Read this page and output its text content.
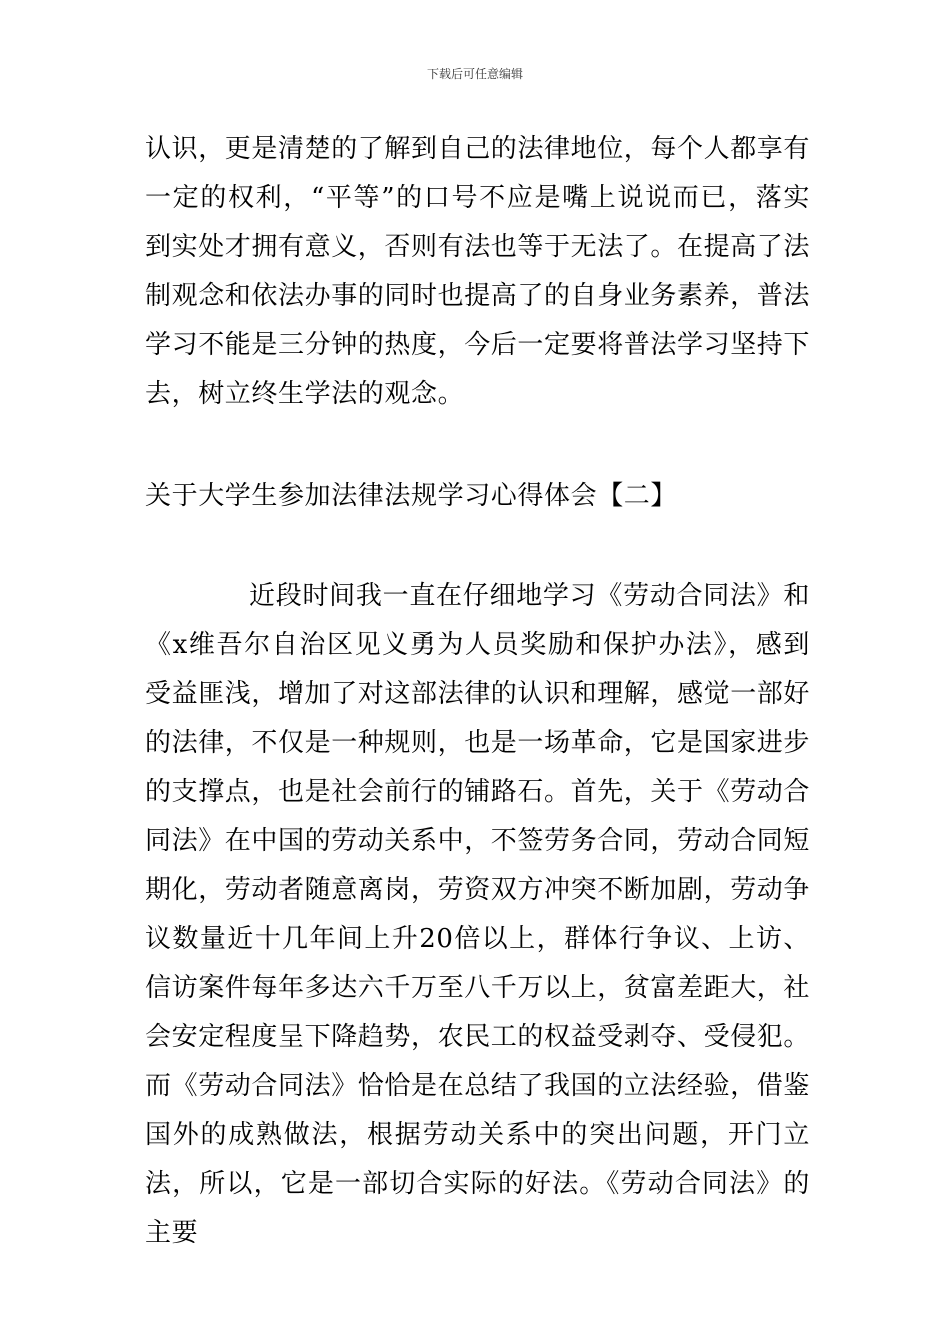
下载后可任意编辑

认识，更是清楚的了解到自己的法律地位，每个人都享有一定的权利，“平等”的口号不应是嘴上说说而已，落实到实处才拥有意义，否则有法也等于无法了。在提高了法制观念和依法办事的同时也提高了的自身业务素养，普法学习不能是三分钟的热度，今后一定要将普法学习坚持下去，树立终生学法的观念。

关于大学生参加法律法规学习心得体会【二】

近段时间我一直在仔细地学习《劳动合同法》和《x维吾尔自治区见义勇为人员奖励和保护办法》，感到受益匪浅，增加了对这部法律的认识和理解，感觉一部好的法律，不仅是一种规则，也是一场革命，它是国家进步的支撑点，也是社会前行的铺路石。首先，关于《劳动合同法》在中国的劳动关系中，不签劳务合同，劳动合同短期化，劳动者随意离岗，劳资双方冲突不断加剧，劳动争议数量近十几年间上升20倍以上，群体行争议、上访、信访案件每年多达六千万至八千万以上，贫富差距大，社会安定程度呈下降趋势，农民工的权益受剥夺、受侵犯。而《劳动合同法》恰恰是在总结了我国的立法经验，借鉴国外的成熟做法，根据劳动关系中的突出问题，开门立法，所以，它是一部切合实际的好法。《劳动合同法》的主要
